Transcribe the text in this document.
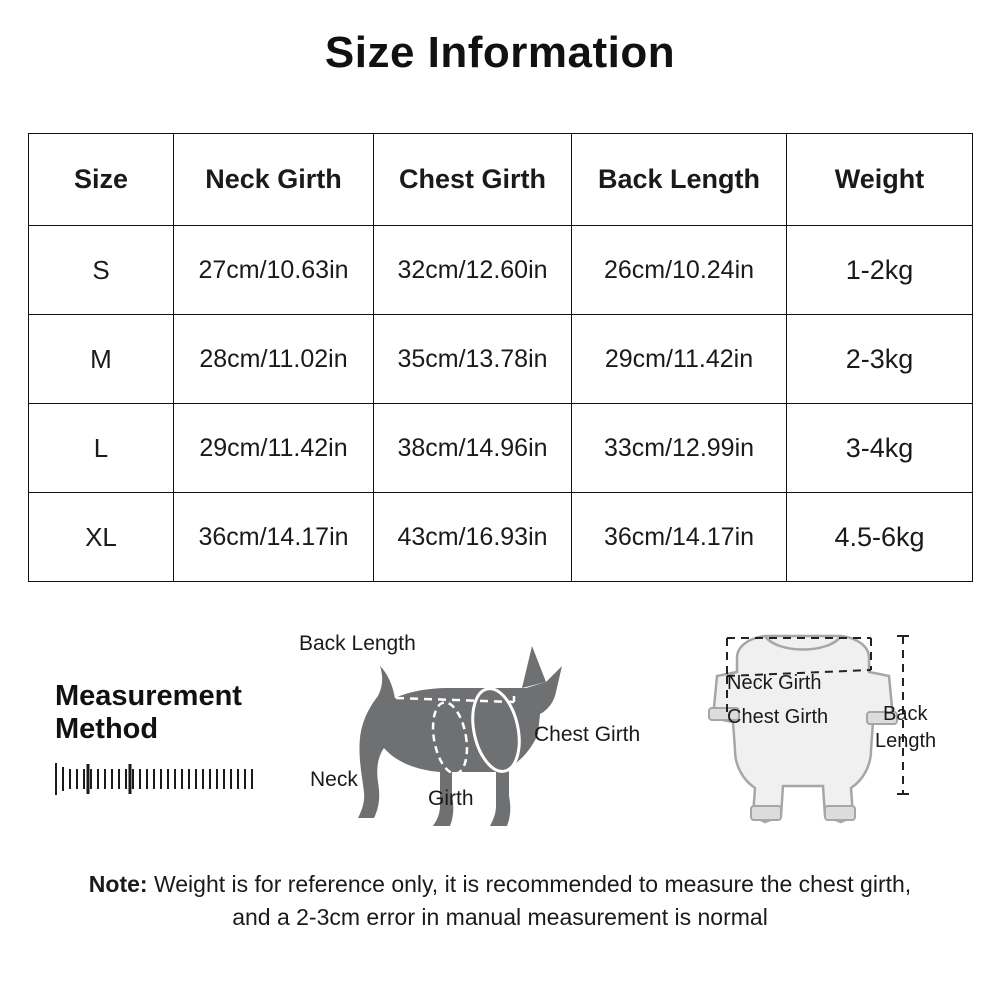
Size Information
Size	Neck Girth	Chest Girth	Back Length	Weight
S	27cm/10.63in	32cm/12.60in	26cm/10.24in	1-2kg
M	28cm/11.02in	35cm/13.78in	29cm/11.42in	2-3kg
L	29cm/11.42in	38cm/14.96in	33cm/12.99in	3-4kg
XL	36cm/14.17in	43cm/16.93in	36cm/14.17in	4.5-6kg
Measurement
Method
Back Length
Chest Girth
Neck
Girth
Neck Girth
Chest Girth	Back
Length
Note: Weight is for reference only, it is recommended to measure the chest girth, and a 2-3cm error in manual measurement is normal
